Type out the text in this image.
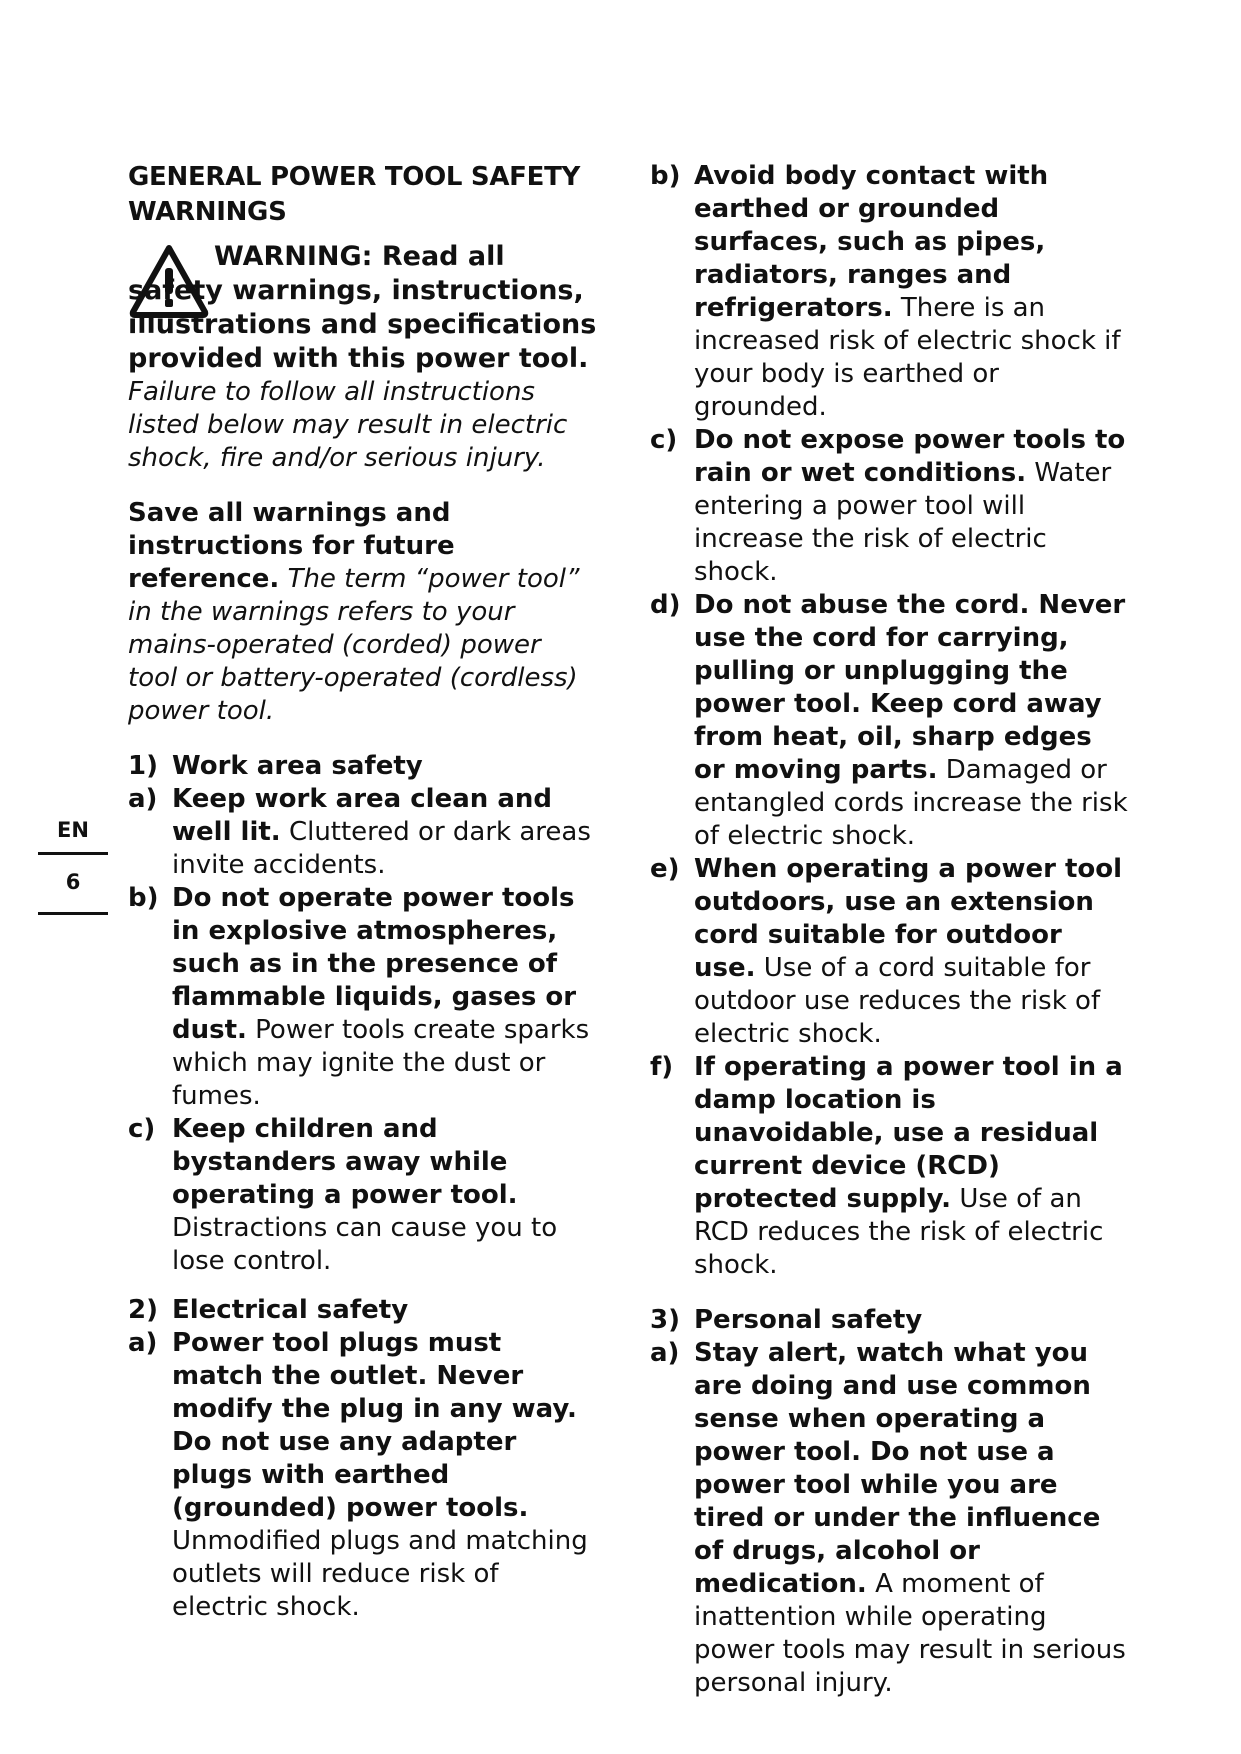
EN
6
GENERAL POWER TOOL SAFETY WARNINGS
WARNING: Read all safety warnings, instructions, illustrations and specifications provided with this power tool. Failure to follow all instructions listed below may result in electric shock, fire and/or serious injury.
Save all warnings and instructions for future reference. The term “power tool” in the warnings refers to your mains-operated (corded) power tool or battery-operated (cordless) power tool.
1) Work area safety
a) Keep work area clean and well lit. Cluttered or dark areas invite accidents.
b) Do not operate power tools in explosive atmospheres, such as in the presence of flammable liquids, gases or dust. Power tools create sparks which may ignite the dust or fumes.
c) Keep children and bystanders away while operating a power tool. Distractions can cause you to lose control.
2) Electrical safety
a) Power tool plugs must match the outlet. Never modify the plug in any way. Do not use any adapter plugs with earthed (grounded) power tools. Unmodified plugs and matching outlets will reduce risk of electric shock.
b) Avoid body contact with earthed or grounded surfaces, such as pipes, radiators, ranges and refrigerators. There is an increased risk of electric shock if your body is earthed or grounded.
c) Do not expose power tools to rain or wet conditions. Water entering a power tool will increase the risk of electric shock.
d) Do not abuse the cord. Never use the cord for carrying, pulling or unplugging the power tool. Keep cord away from heat, oil, sharp edges or moving parts. Damaged or entangled cords increase the risk of electric shock.
e) When operating a power tool outdoors, use an extension cord suitable for outdoor use. Use of a cord suitable for outdoor use reduces the risk of electric shock.
f) If operating a power tool in a damp location is unavoidable, use a residual current device (RCD) protected supply. Use of an RCD reduces the risk of electric shock.
3) Personal safety
a) Stay alert, watch what you are doing and use common sense when operating a power tool. Do not use a power tool while you are tired or under the influence of drugs, alcohol or medication. A moment of inattention while operating power tools may result in serious personal injury.
